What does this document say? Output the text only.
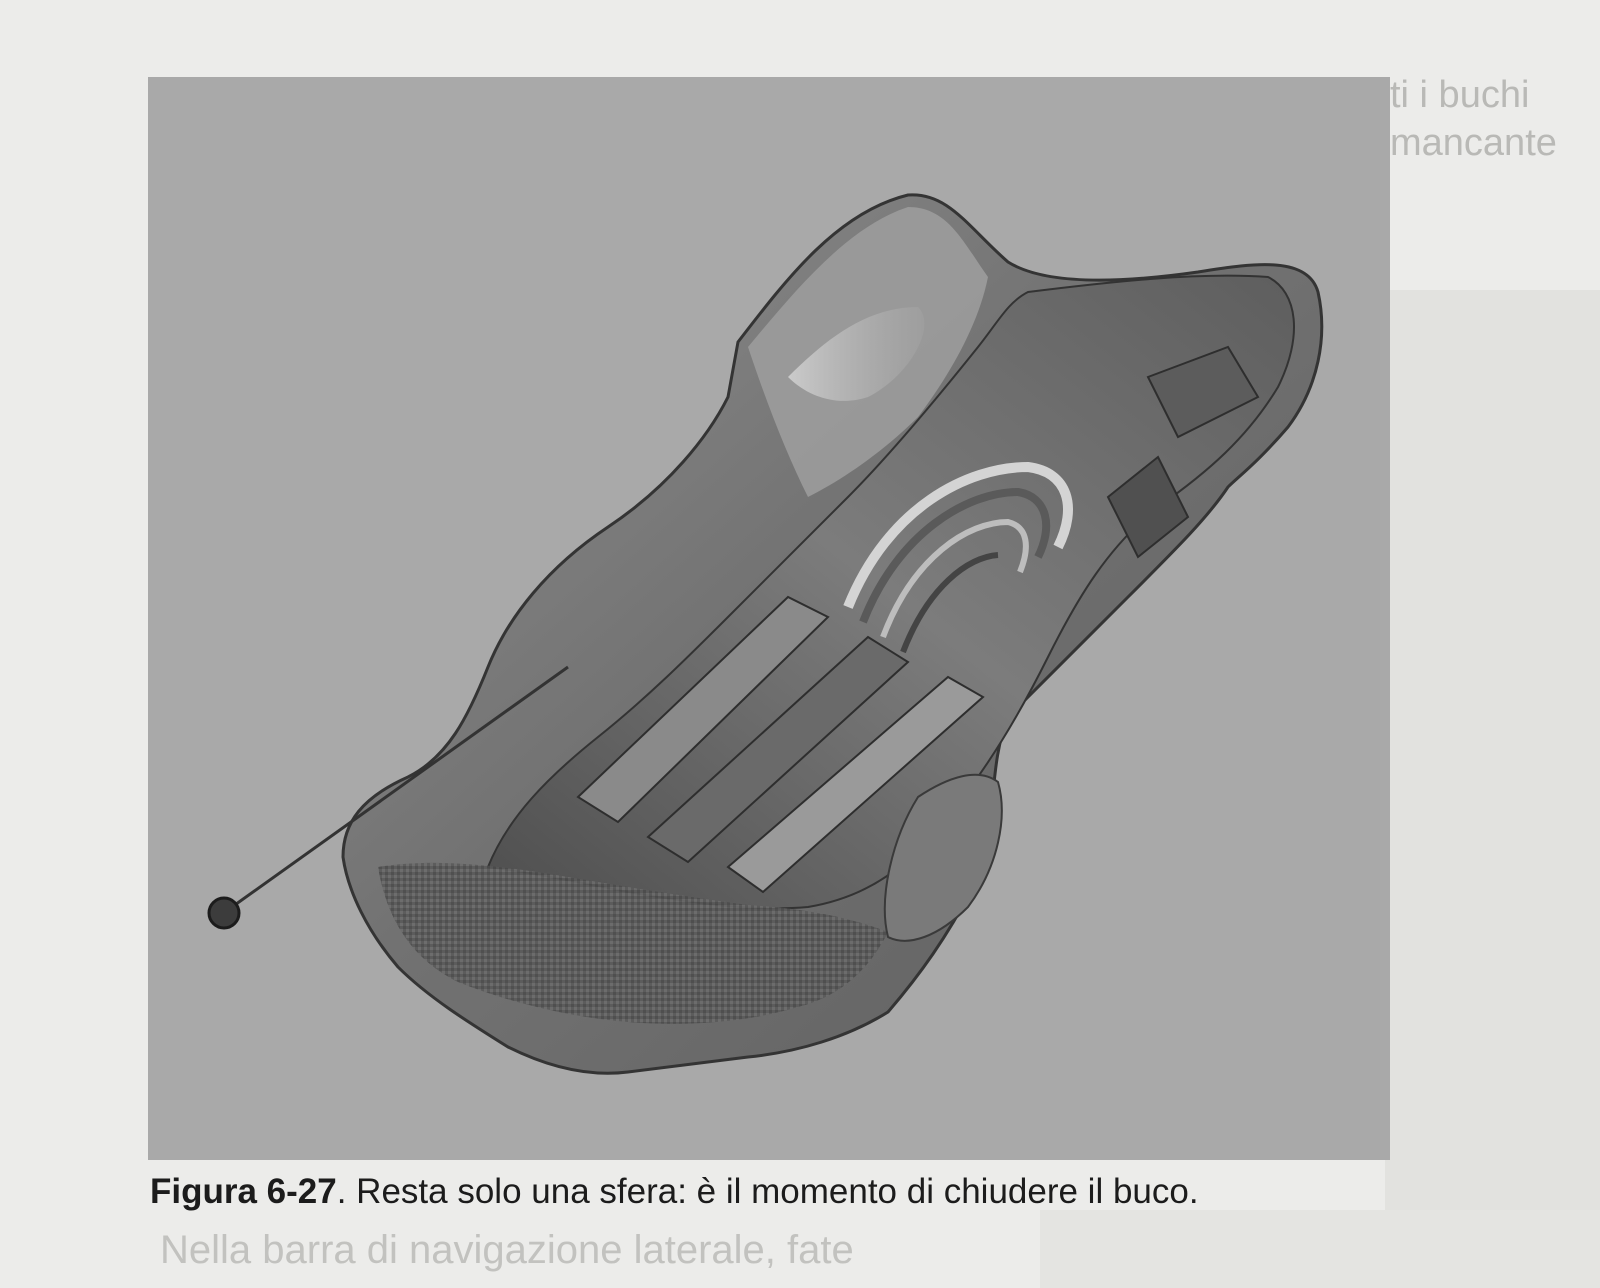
ti i buchi
mancante
Nella barra di navigazione laterale, fate
Figura 6-27. Resta solo una sfera: è il momento di chiudere il buco.
